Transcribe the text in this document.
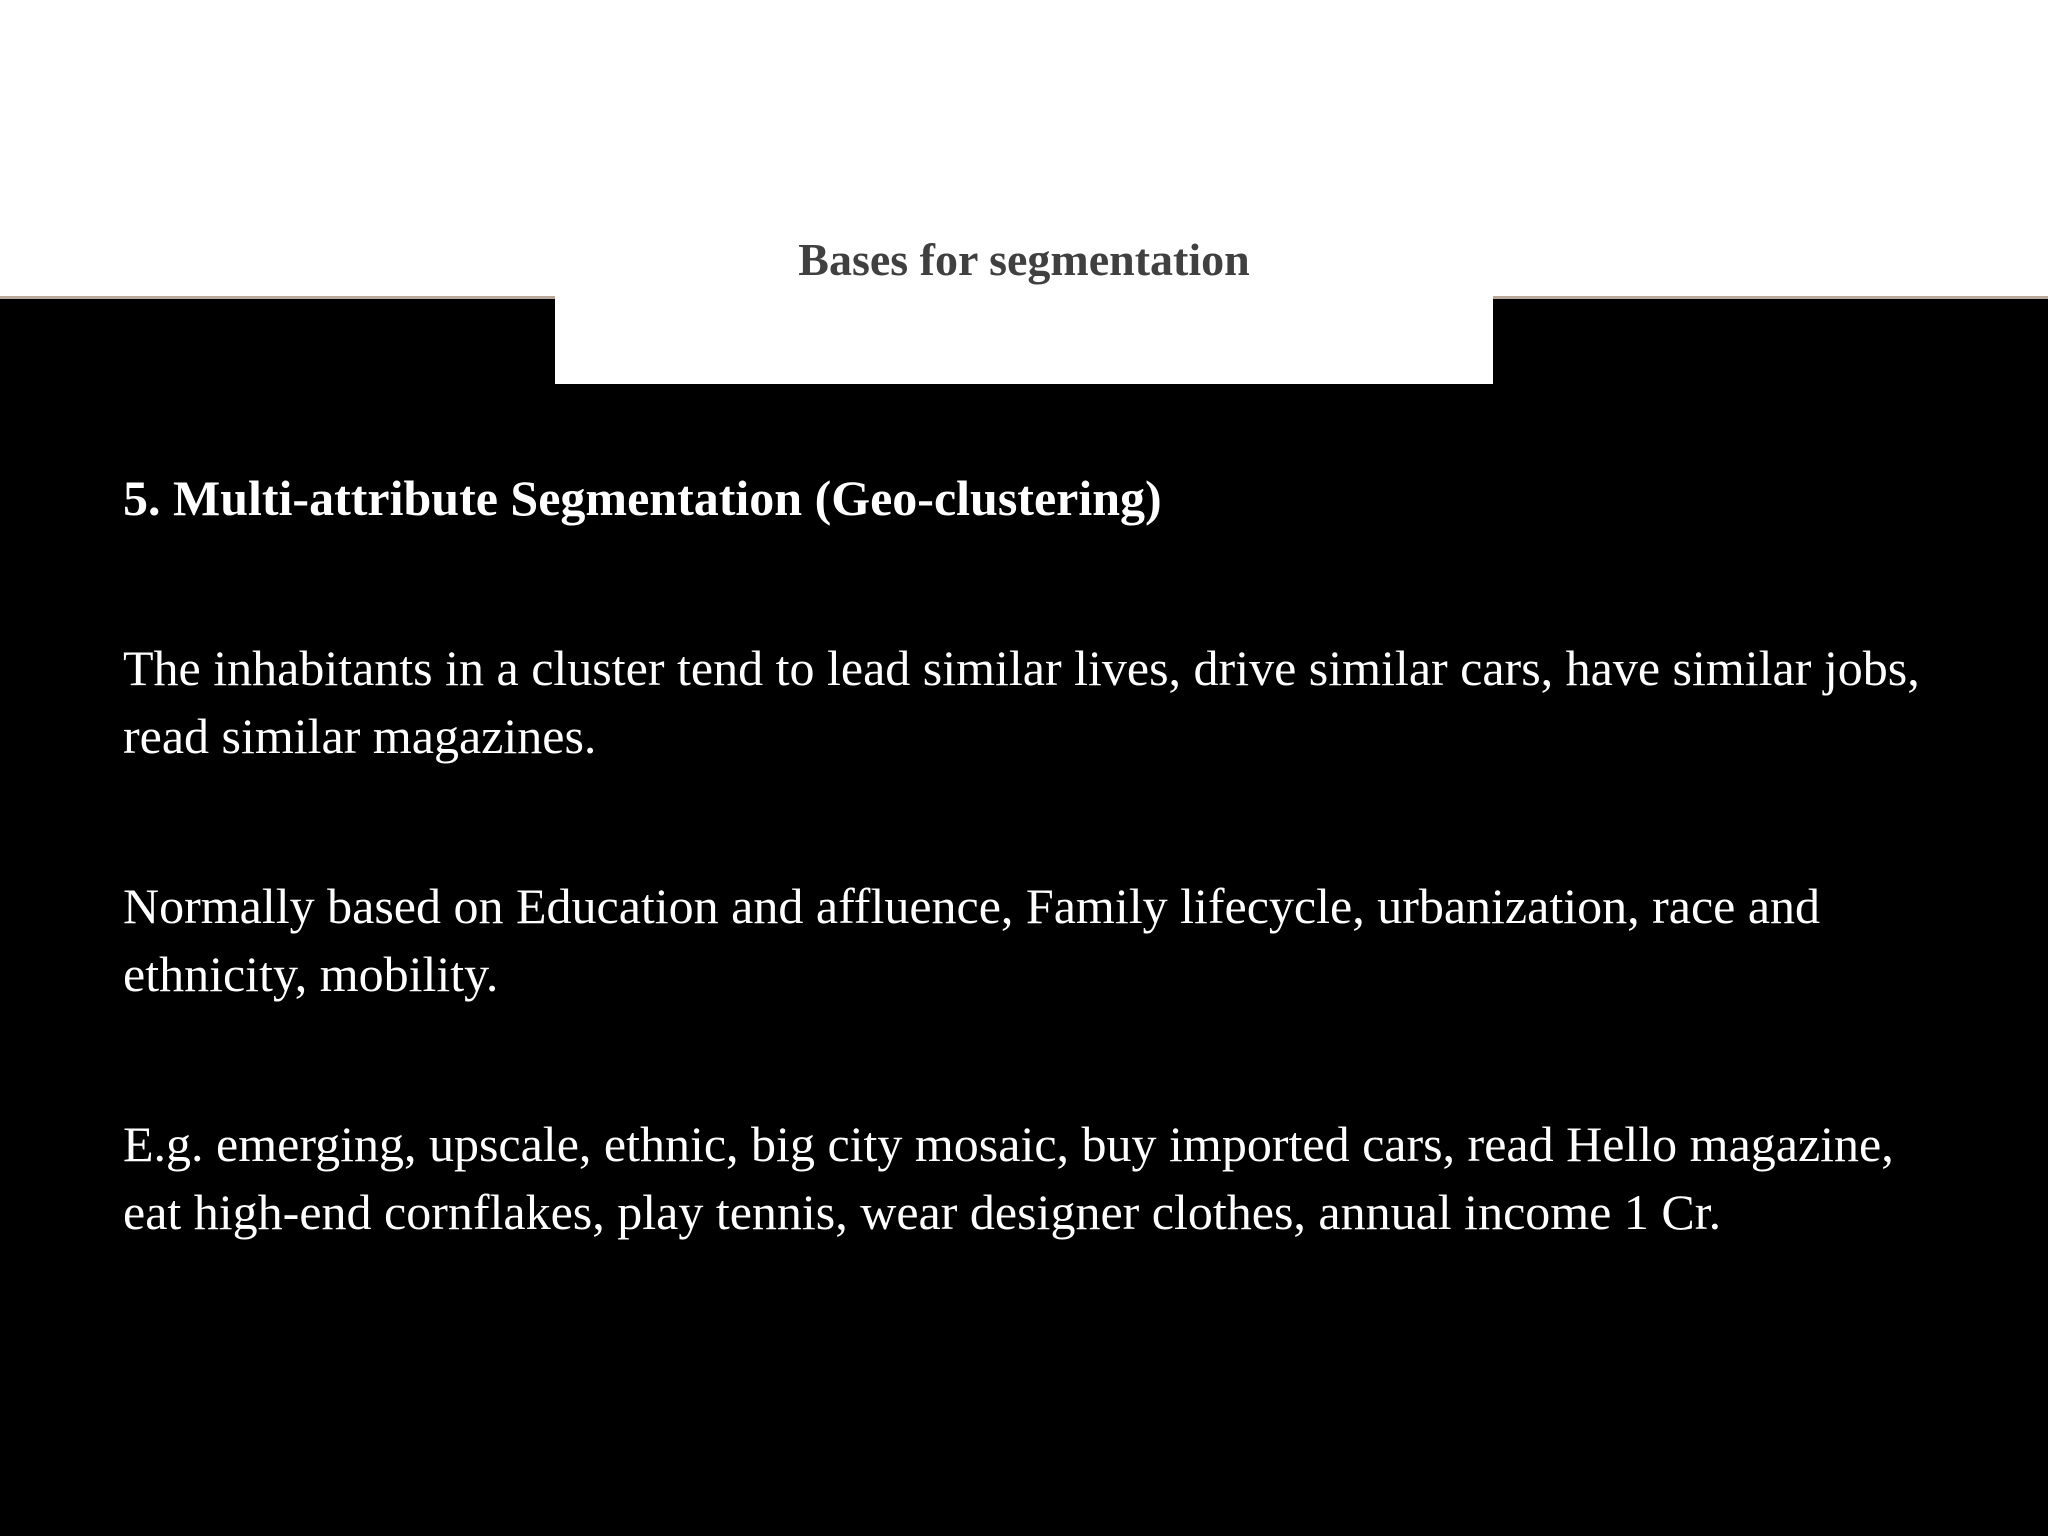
Bases for segmentation

5. Multi-attribute Segmentation (Geo-clustering)

The inhabitants in a cluster tend to lead similar lives, drive similar cars, have similar jobs, read similar magazines.

Normally based on Education and affluence, Family lifecycle, urbanization, race and ethnicity, mobility.

E.g. emerging, upscale, ethnic, big city mosaic, buy imported cars, read Hello magazine, eat high-end cornflakes, play tennis, wear designer clothes, annual income 1 Cr.
